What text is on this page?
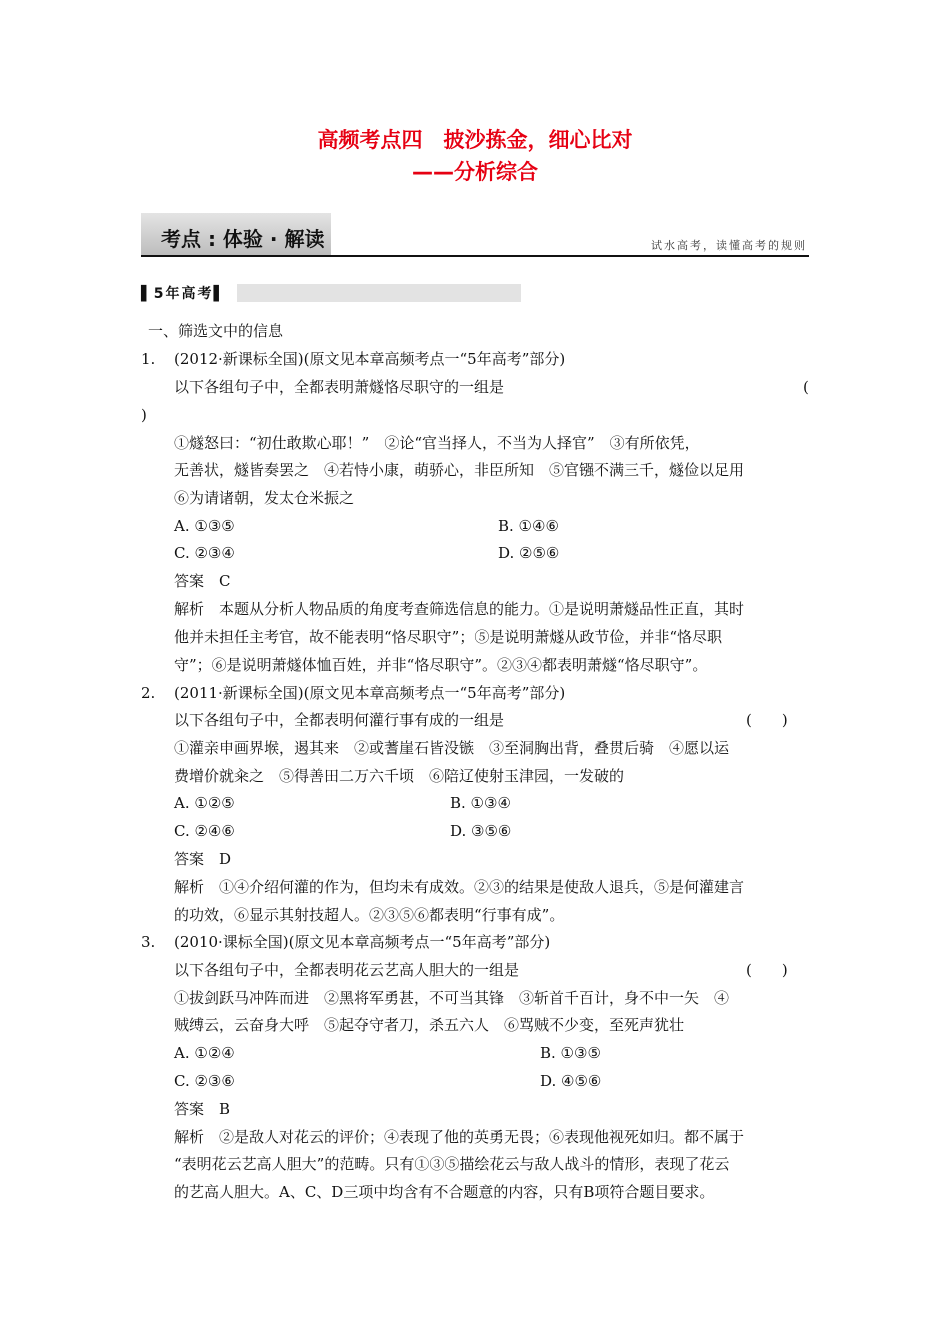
高频考点四　披沙拣金，细心比对
——分析综合
考点 : 体验 · 解读	试水高考，读懂高考的规则
▌5年高考▌
一、筛选文中的信息
1. (2012·新课标全国)(原文见本章高频考点一“5年高考”部分)
以下各组句子中，全都表明萧燧恪尽职守的一组是	(
)
①燧怒曰：“初仕敢欺心耶！”　②论“官当择人，不当为人择官”　③有所依凭，
无善状，燧皆奏罢之　④若恃小康，萌骄心，非臣所知　⑤官镪不满三千，燧俭以足用
⑥为请诸朝，发太仓米振之
A. ①③⑤	B. ①④⑥
C. ②③④	D. ②⑤⑥
答案　C
解析　本题从分析人物品质的角度考查筛选信息的能力。①是说明萧燧品性正直，其时
他并未担任主考官，故不能表明“恪尽职守”；⑤是说明萧燧从政节俭，并非“恪尽职
守”；⑥是说明萧燧体恤百姓，并非“恪尽职守”。②③④都表明萧燧“恪尽职守”。
2. (2011·新课标全国)(原文见本章高频考点一“5年高考”部分)
以下各组句子中，全都表明何灌行事有成的一组是	(　　)
①灌亲申画界堠，遏其来　②或蓍崖石皆没镞　③至洞胸出背，叠贯后骑　④愿以运
费增价就籴之　⑤得善田二万六千顷　⑥陪辽使射玉津园，一发破的
A. ①②⑤	B. ①③④
C. ②④⑥	D. ③⑤⑥
答案　D
解析　①④介绍何灌的作为，但均未有成效。②③的结果是使敌人退兵，⑤是何灌建言
的功效，⑥显示其射技超人。②③⑤⑥都表明“行事有成”。
3. (2010·课标全国)(原文见本章高频考点一“5年高考”部分)
以下各组句子中，全都表明花云艺高人胆大的一组是	(　　)
①拔剑跃马冲阵而进　②黑将军勇甚，不可当其锋　③斩首千百计，身不中一矢　④
贼缚云，云奋身大呼　⑤起夺守者刀，杀五六人　⑥骂贼不少变，至死声犹壮
A. ①②④	B. ①③⑤
C. ②③⑥	D. ④⑤⑥
答案　B
解析　②是敌人对花云的评价；④表现了他的英勇无畏；⑥表现他视死如归。都不属于
“表明花云艺高人胆大”的范畴。只有①③⑤描绘花云与敌人战斗的情形，表现了花云
的艺高人胆大。A、C、D三项中均含有不合题意的内容，只有B项符合题目要求。
